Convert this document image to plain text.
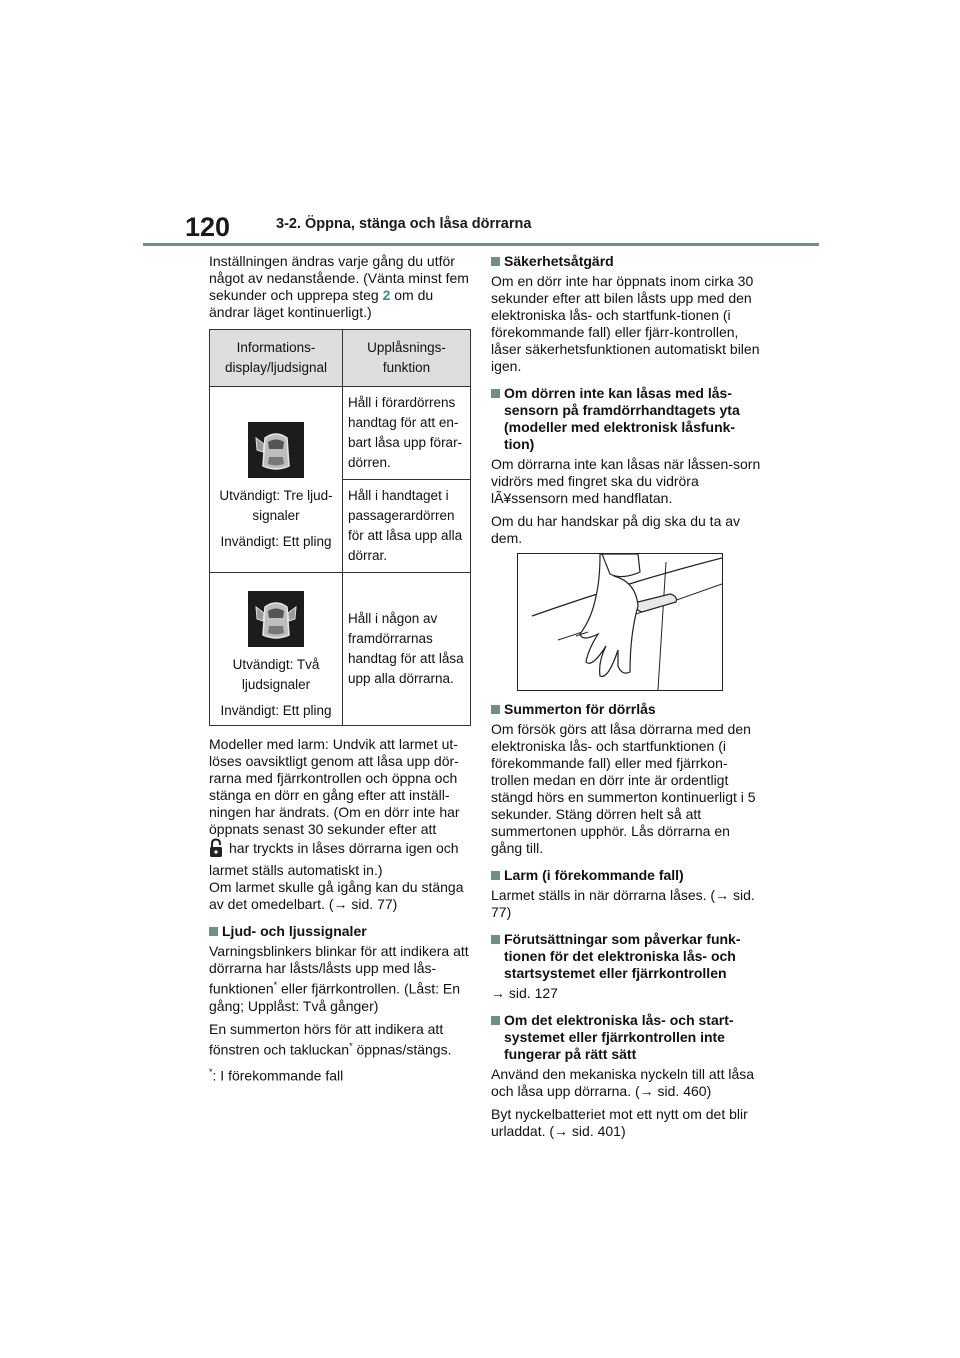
120	3-2. Öppna, stänga och låsa dörrarna

Inställningen ändras varje gång du utför något av nedanstående. (Vänta minst fem sekunder och upprepa steg 2 om du ändrar läget kontinuerligt.)

Informations-display/ljudsignal	Upplåsnings-funktion

Utvändigt: Tre ljud-signaler
Invändigt: Ett pling	Håll i förardörrens handtag för att en-bart låsa upp förar-dörren.
	Håll i handtaget i passagerardörren för att låsa upp alla dörrar.

Utvändigt: Två ljudsignaler
Invändigt: Ett pling	Håll i någon av framdörrarnas handtag för att låsa upp alla dörrarna.

Modeller med larm: Undvik att larmet ut-löses oavsiktligt genom att låsa upp dör-rarna med fjärrkontrollen och öppna och stänga en dörr en gång efter att inställ-ningen har ändrats. (Om en dörr inte har öppnats senast 30 sekunder efter att
har tryckts in låses dörrarna igen och larmet ställs automatiskt in.)
Om larmet skulle gå igång kan du stänga av det omedelbart. (→ sid. 77)

Ljud- och ljussignaler

Varningsblinkers blinkar för att indikera att dörrarna har låsts/låsts upp med lås-funktionen* eller fjärrkontrollen. (Låst: En gång; Upplåst: Två gånger)

En summerton hörs för att indikera att fönstren och takluckan* öppnas/stängs.

*: I förekommande fall

Säkerhetsåtgärd

Om en dörr inte har öppnats inom cirka 30 sekunder efter att bilen låsts upp med den elektroniska lås- och startfunk-tionen (i förekommande fall) eller fjärr-kontrollen, låser säkerhetsfunktionen automatiskt bilen igen.

Om dörren inte kan låsas med lås-sensorn på framdörrhandtagets yta (modeller med elektronisk låsfunk-tion)

Om dörrarna inte kan låsas när låssen-sorn vidrörs med fingret ska du vidröra lÃ¥ssensorn med handflatan.

Om du har handskar på dig ska du ta av dem.

Summerton för dörrlås

Om försök görs att låsa dörrarna med den elektroniska lås- och startfunktionen (i förekommande fall) eller med fjärrkon-trollen medan en dörr inte är ordentligt stängd hörs en summerton kontinuerligt i 5 sekunder. Stäng dörren helt så att summertonen upphör. Lås dörrarna en gång till.

Larm (i förekommande fall)

Larmet ställs in när dörrarna låses. (→ sid. 77)

Förutsättningar som påverkar funk-tionen för det elektroniska lås- och startsystemet eller fjärrkontrollen

→ sid. 127

Om det elektroniska lås- och start-systemet eller fjärrkontrollen inte fungerar på rätt sätt

Använd den mekaniska nyckeln till att låsa och låsa upp dörrarna. (→ sid. 460)

Byt nyckelbatteriet mot ett nytt om det blir urladdat. (→ sid. 401)
